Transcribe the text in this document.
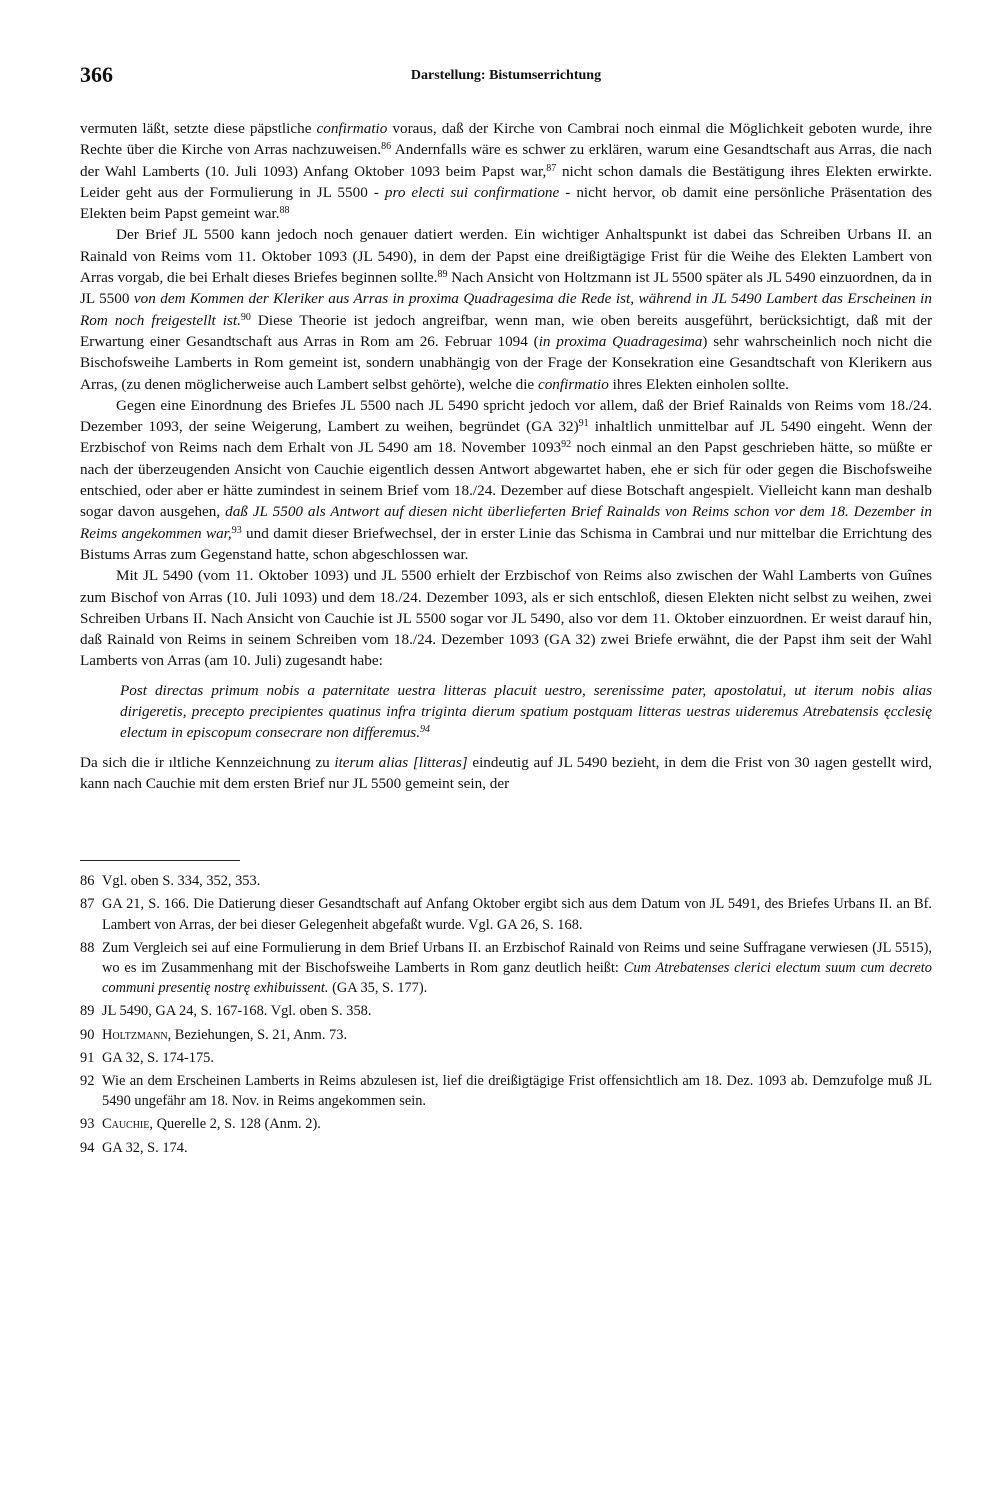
366	Darstellung: Bistumserrichtung

vermuten läßt, setzte diese päpstliche confirmatio voraus, daß der Kirche von Cambrai noch einmal die Möglichkeit geboten wurde, ihre Rechte über die Kirche von Arras nachzuweisen.$^{86}$ Andernfalls wäre es schwer zu erklären, warum eine Gesandtschaft aus Arras, die nach der Wahl Lamberts (10. Juli 1093) Anfang Oktober 1093 beim Papst war,$^{87}$ nicht schon damals die Bestätigung ihres Elekten erwirkte. Leider geht aus der Formulierung in JL 5500 - pro electi sui confirmatione - nicht hervor, ob damit eine persönliche Präsentation des Elekten beim Papst gemeint war.$^{88}$

Der Brief JL 5500 kann jedoch noch genauer datiert werden. Ein wichtiger Anhaltspunkt ist dabei das Schreiben Urbans II. an Rainald von Reims vom 11. Oktober 1093 (JL 5490), in dem der Papst eine dreißigtägige Frist für die Weihe des Elekten Lambert von Arras vorgab, die bei Erhalt dieses Briefes beginnen sollte.$^{89}$ Nach Ansicht von Holtzmann ist JL 5500 später als JL 5490 einzuordnen, da in JL 5500 von dem Kommen der Kleriker aus Arras in proxima Quadragesima die Rede ist, während in JL 5490 Lambert das Erscheinen in Rom noch freigestellt ist.$^{90}$ Diese Theorie ist jedoch angreifbar, wenn man, wie oben bereits ausgeführt, berücksichtigt, daß mit der Erwartung einer Gesandtschaft aus Arras in Rom am 26. Februar 1094 (in proxima Quadragesima) sehr wahrscheinlich noch nicht die Bischofsweihe Lamberts in Rom gemeint ist, sondern unabhängig von der Frage der Konsekration eine Gesandtschaft von Klerikern aus Arras, (zu denen möglicherweise auch Lambert selbst gehörte), welche die confirmatio ihres Elekten einholen sollte.

Gegen eine Einordnung des Briefes JL 5500 nach JL 5490 spricht jedoch vor allem, daß der Brief Rainalds von Reims vom 18./24. Dezember 1093, der seine Weigerung, Lambert zu weihen, begründet (GA 32)$^{91}$ inhaltlich unmittelbar auf JL 5490 eingeht. Wenn der Erzbischof von Reims nach dem Erhalt von JL 5490 am 18. November 1093$^{92}$ noch einmal an den Papst geschrieben hätte, so müßte er nach der überzeugenden Ansicht von Cauchie eigentlich dessen Antwort abgewartet haben, ehe er sich für oder gegen die Bischofsweihe entschied, oder aber er hätte zumindest in seinem Brief vom 18./24. Dezember auf diese Botschaft angespielt. Vielleicht kann man deshalb sogar davon ausgehen, daß JL 5500 als Antwort auf diesen nicht überlieferten Brief Rainalds von Reims schon vor dem 18. Dezember in Reims angekommen war,$^{93}$ und damit dieser Briefwechsel, der in erster Linie das Schisma in Cambrai und nur mittelbar die Errichtung des Bistums Arras zum Gegenstand hatte, schon abgeschlossen war.

Mit JL 5490 (vom 11. Oktober 1093) und JL 5500 erhielt der Erzbischof von Reims also zwischen der Wahl Lamberts von Guînes zum Bischof von Arras (10. Juli 1093) und dem 18./24. Dezember 1093, als er sich entschloß, diesen Elekten nicht selbst zu weihen, zwei Schreiben Urbans II. Nach Ansicht von Cauchie ist JL 5500 sogar vor JL 5490, also vor dem 11. Oktober einzuordnen. Er weist darauf hin, daß Rainald von Reims in seinem Schreiben vom 18./24. Dezember 1093 (GA 32) zwei Briefe erwähnt, die der Papst ihm seit der Wahl Lamberts von Arras (am 10. Juli) zugesandt habe:

Post directas primum nobis a paternitate uestra litteras placuit uestro, serenissime pater, apostolatui, ut iterum nobis alias dirigeretis, precepto precipientes quatinus infra triginta dierum spatium postquam litteras uestras uideremus Atrebatensis ęcclesię electum in episcopum consecrare non differemus.$^{94}$

Da sich die ir ıltliche Kennzeichnung zu iterum alias [litteras] eindeutig auf JL 5490 bezieht, in dem die Frist von 30 ıagen gestellt wird, kann nach Cauchie mit dem ersten Brief nur JL 5500 gemeint sein, der

86 Vgl. oben S. 334, 352, 353.
87 GA 21, S. 166. Die Datierung dieser Gesandtschaft auf Anfang Oktober ergibt sich aus dem Datum von JL 5491, des Briefes Urbans II. an Bf. Lambert von Arras, der bei dieser Gelegenheit abgefaßt wurde. Vgl. GA 26, S. 168.
88 Zum Vergleich sei auf eine Formulierung in dem Brief Urbans II. an Erzbischof Rainald von Reims und seine Suffragane verwiesen (JL 5515), wo es im Zusammenhang mit der Bischofsweihe Lamberts in Rom ganz deutlich heißt: Cum Atrebatenses clerici electum suum cum decreto communi presentię nostrę exhibuissent. (GA 35, S. 177).
89 JL 5490, GA 24, S. 167-168. Vgl. oben S. 358.
90 Holtzmann, Beziehungen, S. 21, Anm. 73.
91 GA 32, S. 174-175.
92 Wie an dem Erscheinen Lamberts in Reims abzulesen ist, lief die dreißigtägige Frist offensichtlich am 18. Dez. 1093 ab. Demzufolge muß JL 5490 ungefähr am 18. Nov. in Reims angekommen sein.
93 Cauchie, Querelle 2, S. 128 (Anm. 2).
94 GA 32, S. 174.
